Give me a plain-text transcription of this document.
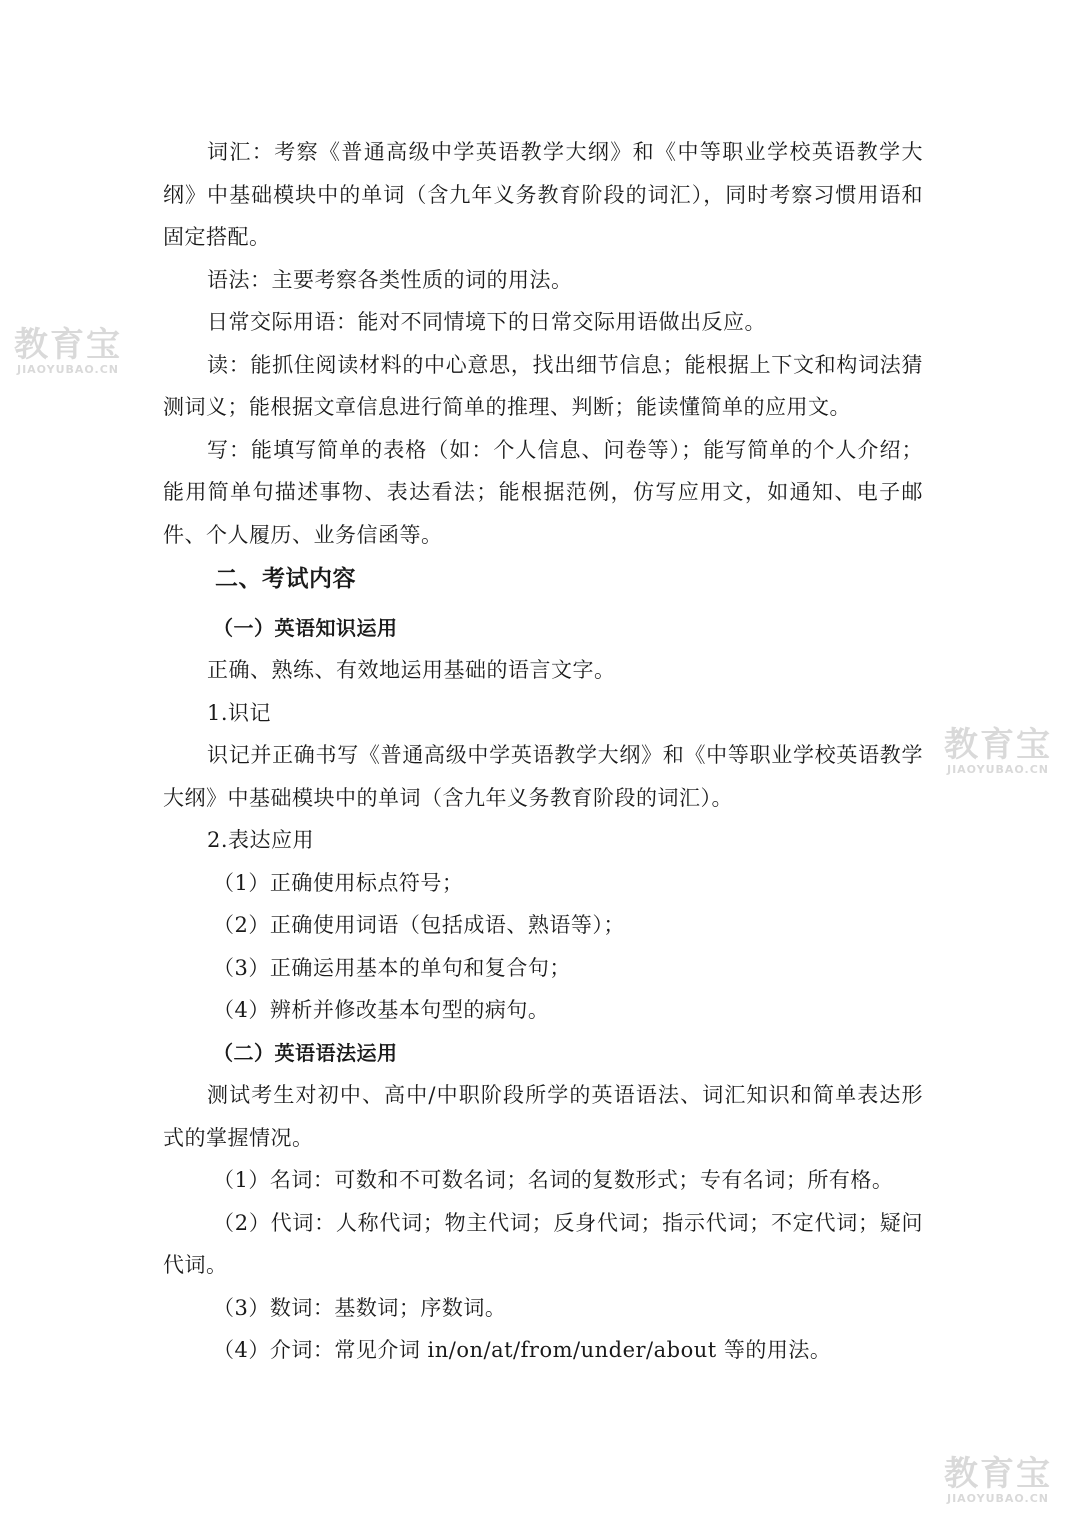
教育宝
JIAOYUBAO.CN
教育宝
JIAOYUBAO.CN
教育宝
JIAOYUBAO.CN

词汇：考察《普通高级中学英语教学大纲》和《中等职业学校英语教学大纲》中基础模块中的单词（含九年义务教育阶段的词汇），同时考察习惯用语和固定搭配。

语法：主要考察各类性质的词的用法。

日常交际用语：能对不同情境下的日常交际用语做出反应。

读：能抓住阅读材料的中心意思，找出细节信息；能根据上下文和构词法猜测词义；能根据文章信息进行简单的推理、判断；能读懂简单的应用文。

写：能填写简单的表格（如：个人信息、问卷等）；能写简单的个人介绍；能用简单句描述事物、表达看法；能根据范例，仿写应用文，如通知、电子邮件、个人履历、业务信函等。

二、考试内容

（一）英语知识运用

正确、熟练、有效地运用基础的语言文字。

1.识记

识记并正确书写《普通高级中学英语教学大纲》和《中等职业学校英语教学大纲》中基础模块中的单词（含九年义务教育阶段的词汇）。

2.表达应用

（1）正确使用标点符号；

（2）正确使用词语（包括成语、熟语等）；

（3）正确运用基本的单句和复合句；

（4）辨析并修改基本句型的病句。

（二）英语语法运用

测试考生对初中、高中/中职阶段所学的英语语法、词汇知识和简单表达形式的掌握情况。

（1）名词：可数和不可数名词；名词的复数形式；专有名词；所有格。

（2）代词：人称代词；物主代词；反身代词；指示代词；不定代词；疑问代词。

（3）数词：基数词；序数词。

（4）介词：常见介词 in/on/at/from/under/about 等的用法。
